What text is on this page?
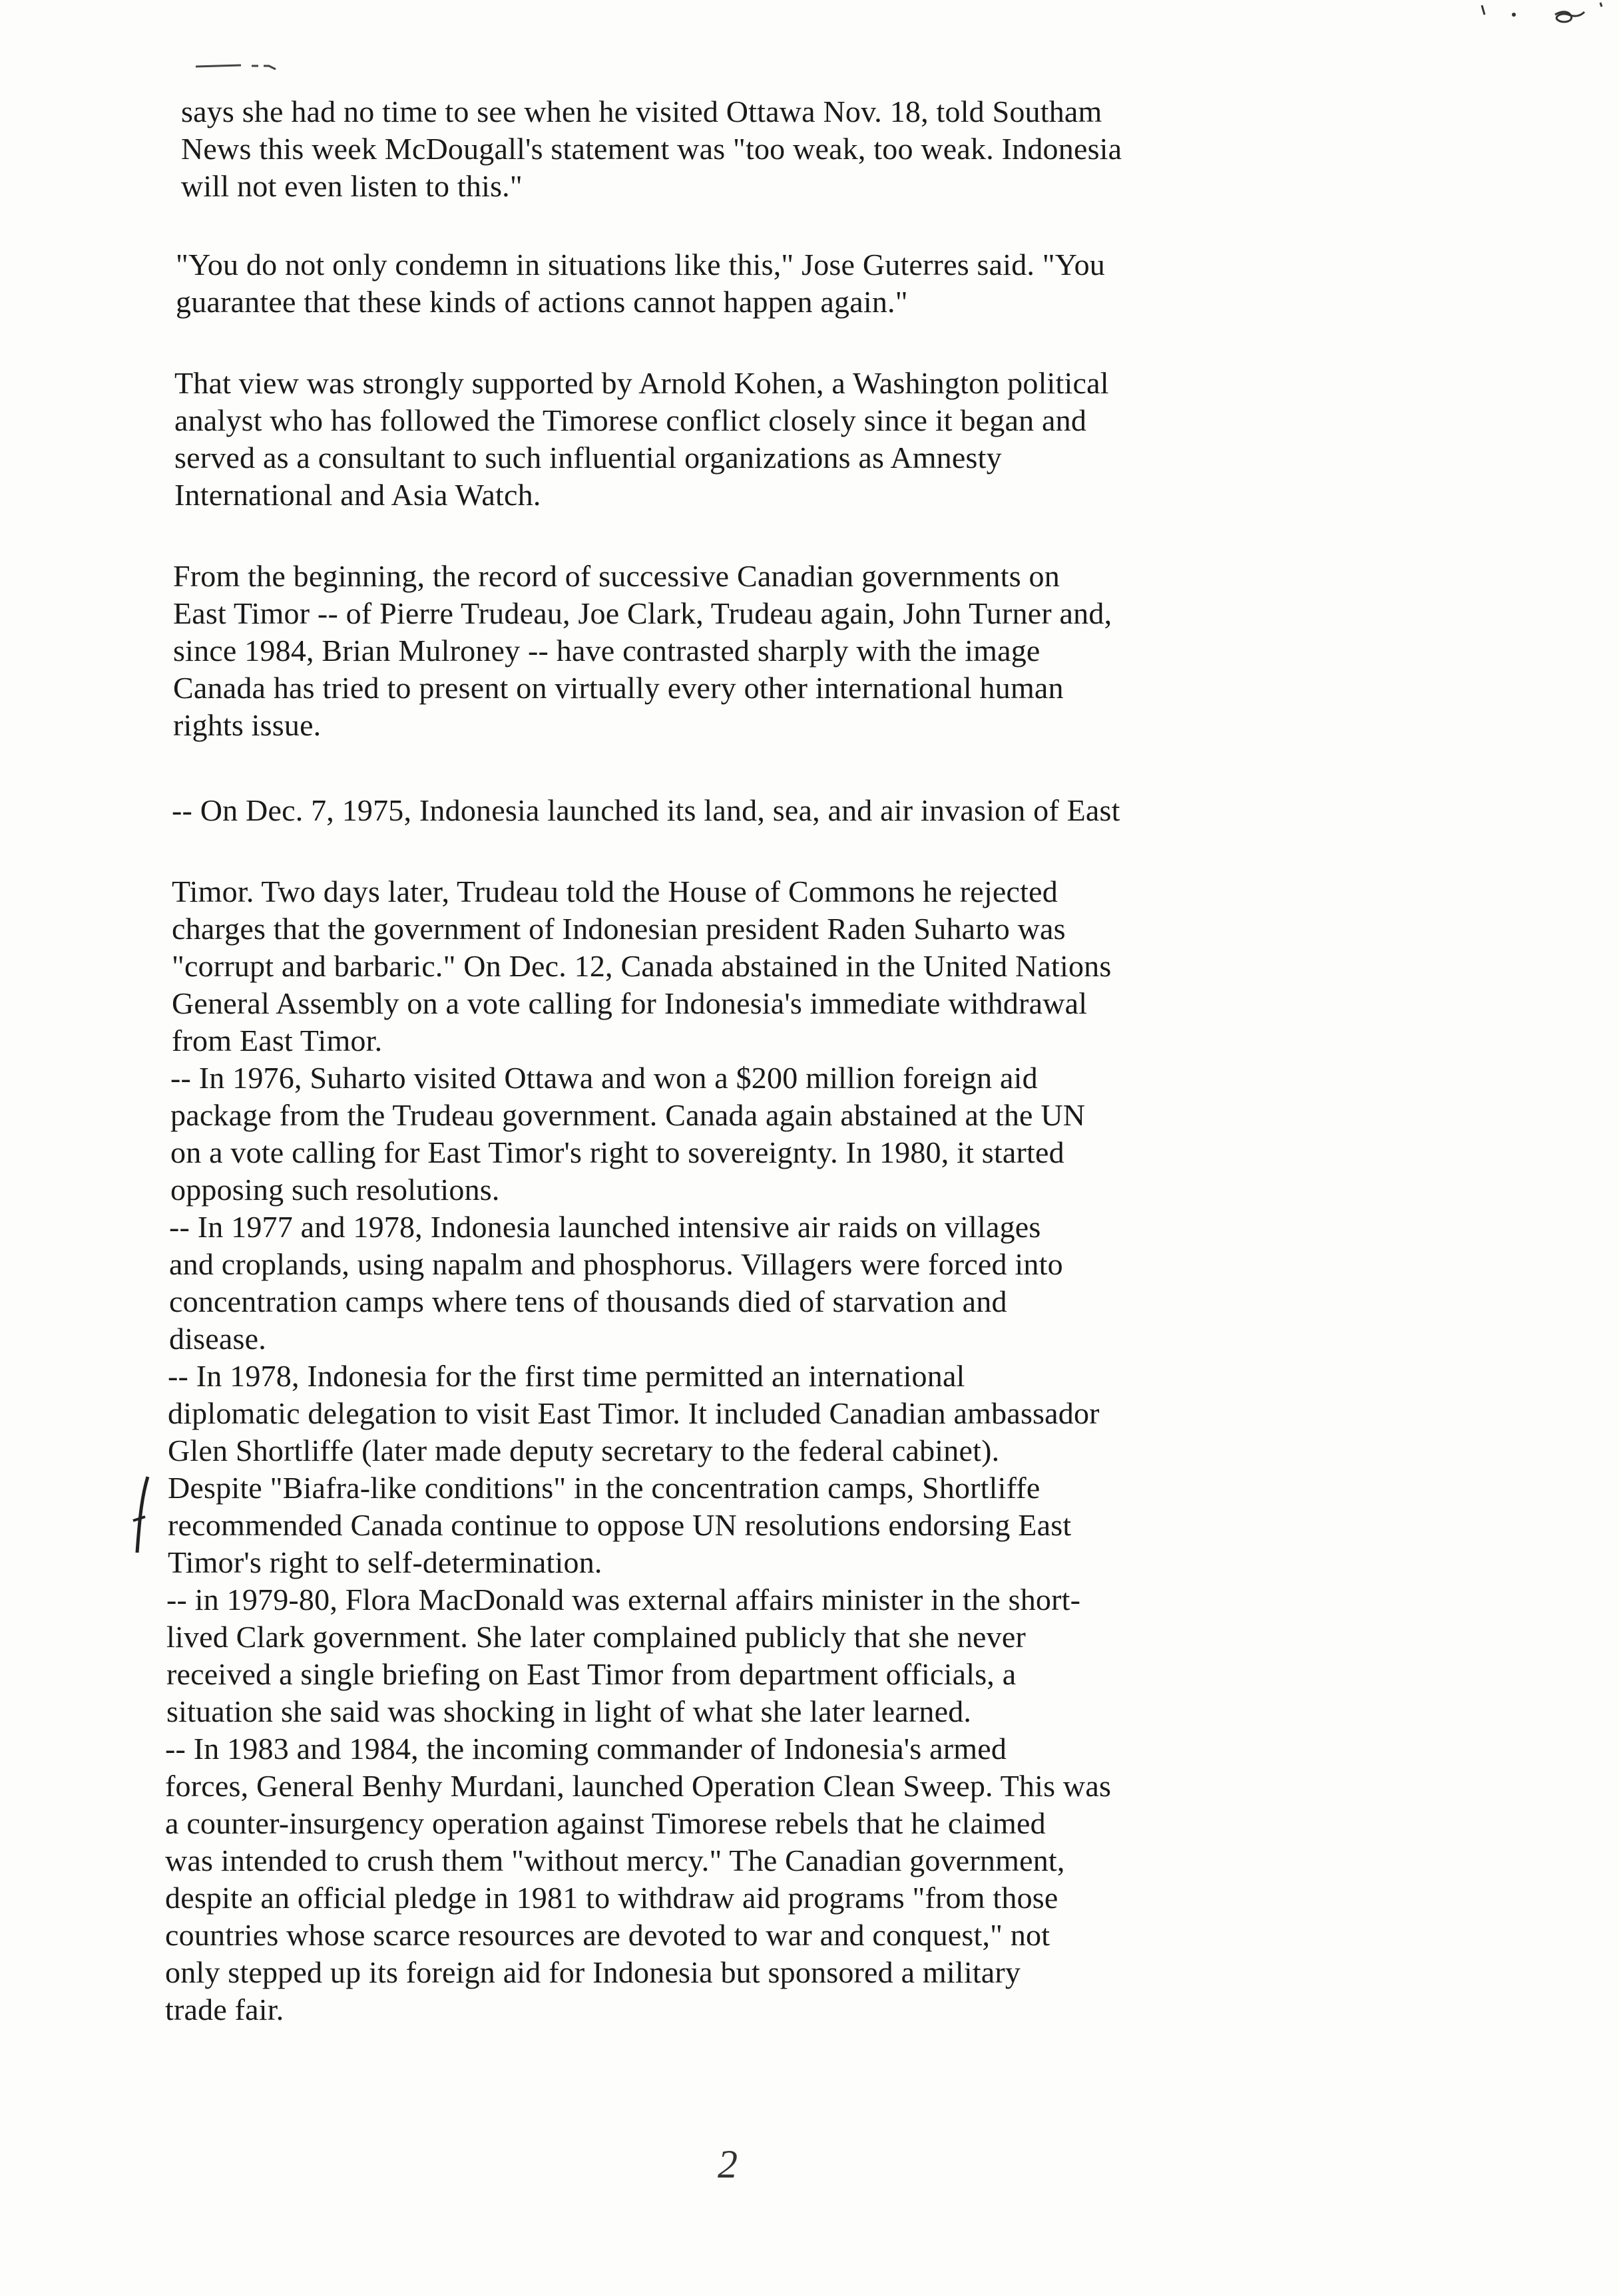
says she had no time to see when he visited Ottawa Nov. 18, told Southam
News this week McDougall's statement was "too weak, too weak. Indonesia
will not even listen to this."
"You do not only condemn in situations like this," Jose Guterres said. "You
guarantee that these kinds of actions cannot happen again."
That view was strongly supported by Arnold Kohen, a Washington political
analyst who has followed the Timorese conflict closely since it began and
served as a consultant to such influential organizations as Amnesty
International and Asia Watch.
From the beginning, the record of successive Canadian governments on
East Timor -- of Pierre Trudeau, Joe Clark, Trudeau again, John Turner and,
since 1984, Brian Mulroney -- have contrasted sharply with the image
Canada has tried to present on virtually every other international human
rights issue.
-- On Dec. 7, 1975, Indonesia launched its land, sea, and air invasion of East
Timor. Two days later, Trudeau told the House of Commons he rejected
charges that the government of Indonesian president Raden Suharto was
"corrupt and barbaric." On Dec. 12, Canada abstained in the United Nations
General Assembly on a vote calling for Indonesia's immediate withdrawal
from East Timor.
-- In 1976, Suharto visited Ottawa and won a $200 million foreign aid
package from the Trudeau government. Canada again abstained at the UN
on a vote calling for East Timor's right to sovereignty. In 1980, it started
opposing such resolutions.
-- In 1977 and 1978, Indonesia launched intensive air raids on villages
and croplands, using napalm and phosphorus. Villagers were forced into
concentration camps where tens of thousands died of starvation and
disease.
-- In 1978, Indonesia for the first time permitted an international
diplomatic delegation to visit East Timor. It included Canadian ambassador
Glen Shortliffe (later made deputy secretary to the federal cabinet).
Despite "Biafra-like conditions" in the concentration camps, Shortliffe
recommended Canada continue to oppose UN resolutions endorsing East
Timor's right to self-determination.
-- in 1979-80, Flora MacDonald was external affairs minister in the short-
lived Clark government. She later complained publicly that she never
received a single briefing on East Timor from department officials, a
situation she said was shocking in light of what she later learned.
-- In 1983 and 1984, the incoming commander of Indonesia's armed
forces, General Benhy Murdani, launched Operation Clean Sweep. This was
a counter-insurgency operation against Timorese rebels that he claimed
was intended to crush them "without mercy." The Canadian government,
despite an official pledge in 1981 to withdraw aid programs "from those
countries whose scarce resources are devoted to war and conquest," not
only stepped up its foreign aid for Indonesia but sponsored a military
trade fair.
2
